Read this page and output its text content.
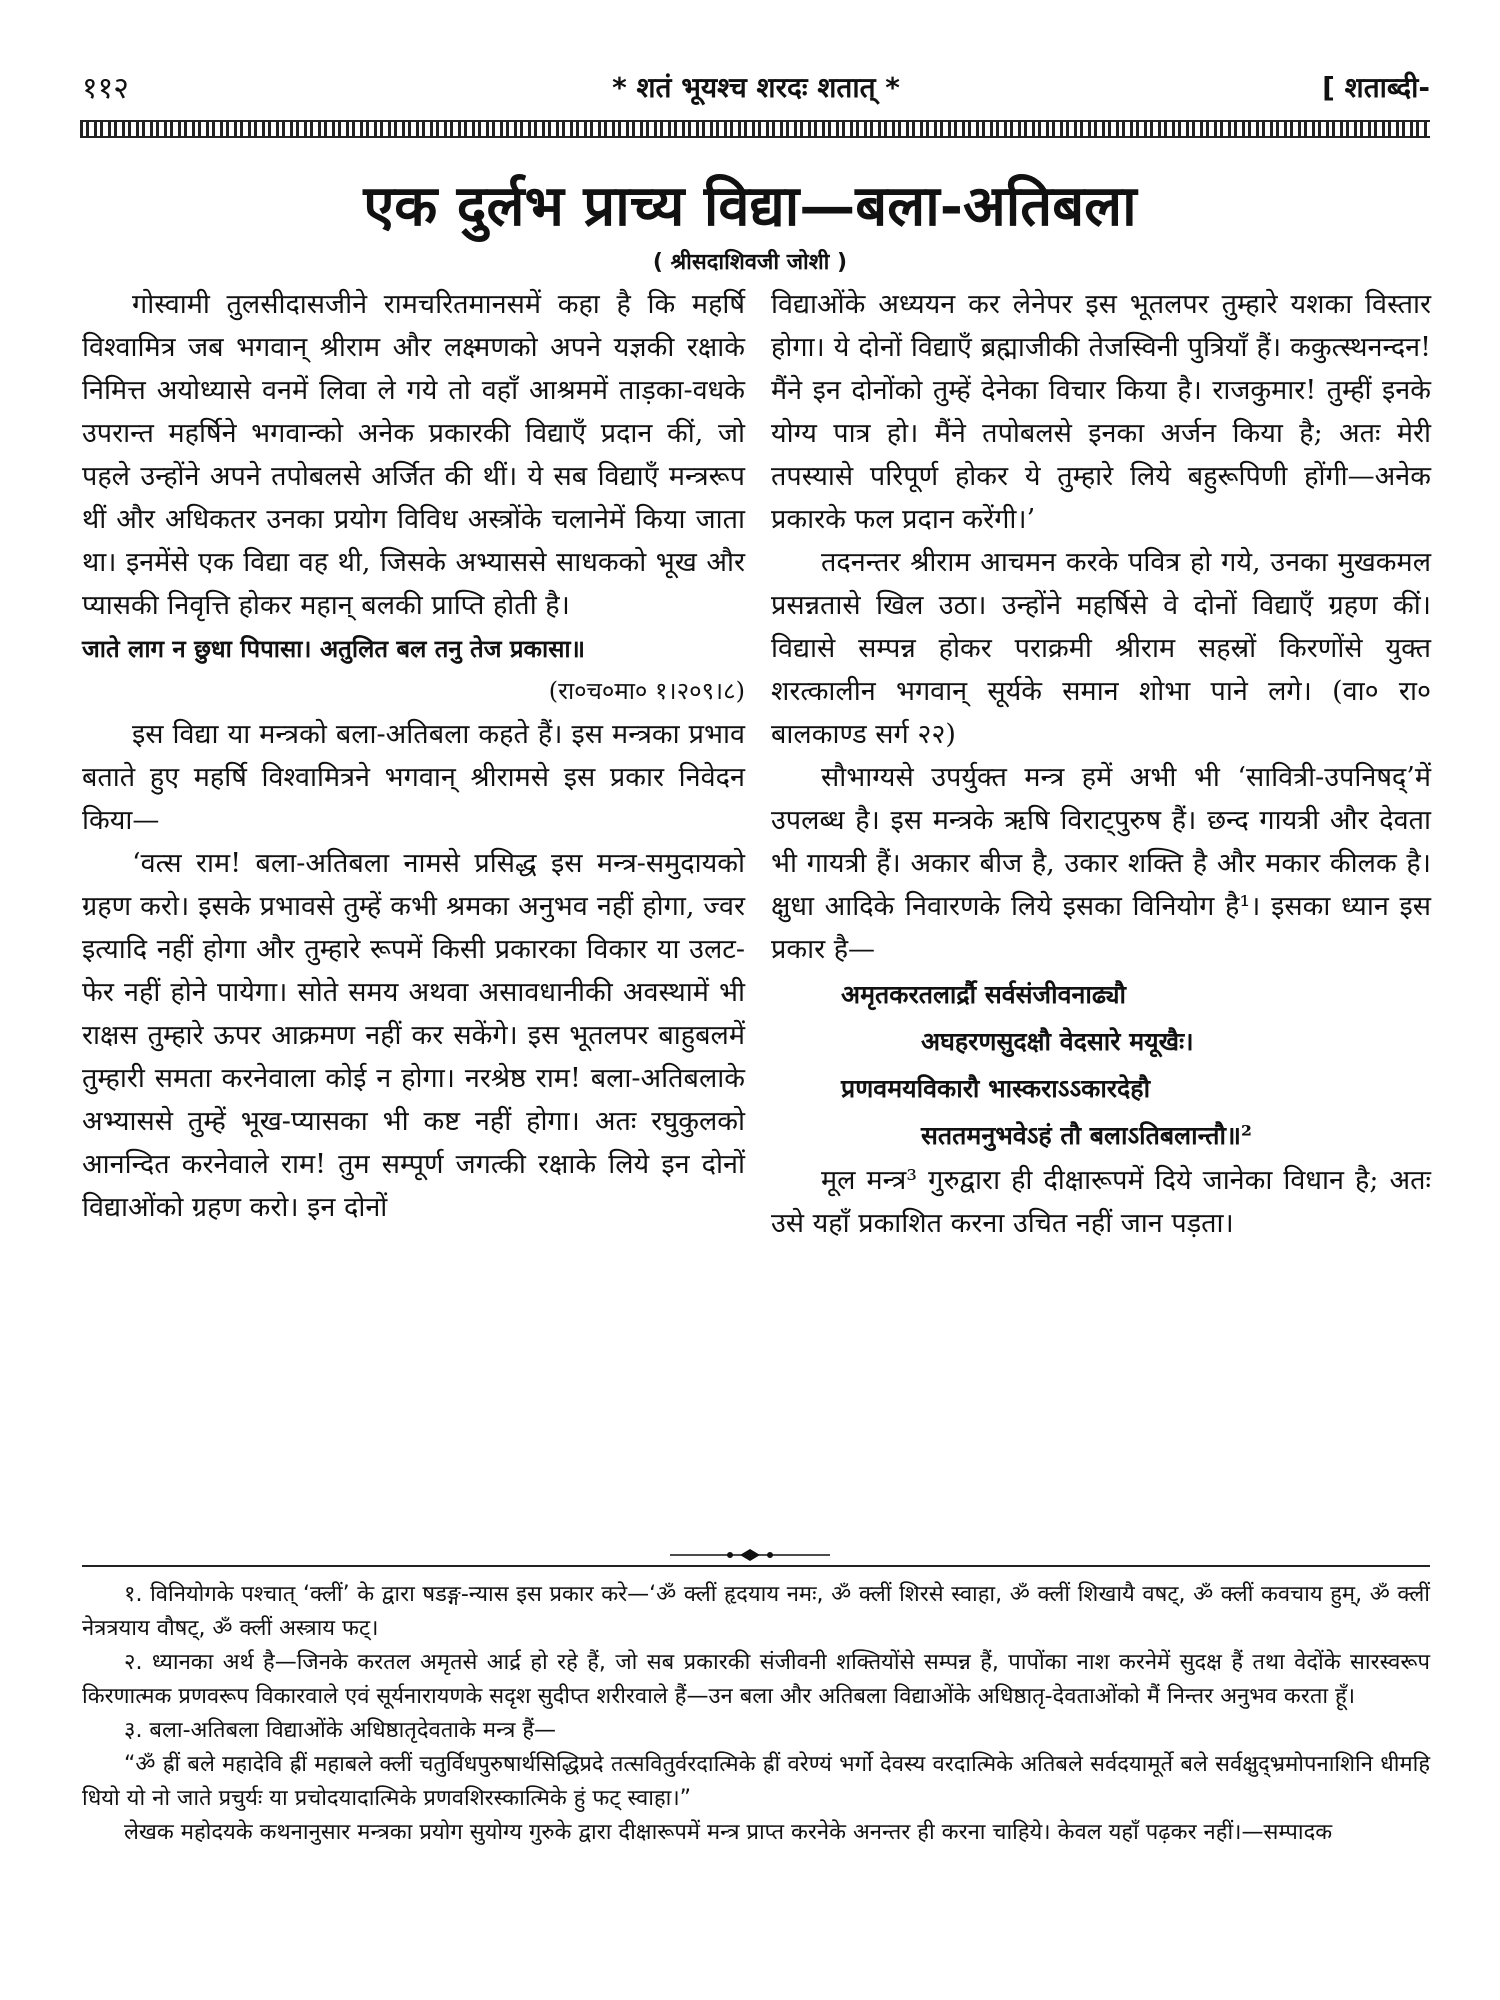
११२	* शतं भूयश्च शरदः शतात् *	[ शताब्दी-
एक दुर्लभ प्राच्य विद्या—बला-अतिबला
( श्रीसदाशिवजी जोशी )

गोस्वामी तुलसीदासजीने रामचरितमानसमें कहा है कि महर्षि विश्वामित्र जब भगवान् श्रीराम और लक्ष्मणको अपने यज्ञकी रक्षाके निमित्त अयोध्यासे वनमें लिवा ले गये तो वहाँ आश्रममें ताड़का-वधके उपरान्त महर्षिने भगवान्को अनेक प्रकारकी विद्याएँ प्रदान कीं, जो पहले उन्होंने अपने तपोबलसे अर्जित की थीं। ये सब विद्याएँ मन्त्ररूप थीं और अधिकतर उनका प्रयोग विविध अस्त्रोंके चलानेमें किया जाता था। इनमेंसे एक विद्या वह थी, जिसके अभ्याससे साधकको भूख और प्यासकी निवृत्ति होकर महान् बलकी प्राप्ति होती है।

जाते लाग न छुधा पिपासा। अतुलित बल तनु तेज प्रकासा॥

(रा०च०मा० १।२०९।८)

इस विद्या या मन्त्रको बला-अतिबला कहते हैं। इस मन्त्रका प्रभाव बताते हुए महर्षि विश्वामित्रने भगवान् श्रीरामसे इस प्रकार निवेदन किया—

‘वत्स राम! बला-अतिबला नामसे प्रसिद्ध इस मन्त्र-समुदायको ग्रहण करो। इसके प्रभावसे तुम्हें कभी श्रमका अनुभव नहीं होगा, ज्वर इत्यादि नहीं होगा और तुम्हारे रूपमें किसी प्रकारका विकार या उलट-फेर नहीं होने पायेगा। सोते समय अथवा असावधानीकी अवस्थामें भी राक्षस तुम्हारे ऊपर आक्रमण नहीं कर सकेंगे। इस भूतलपर बाहुबलमें तुम्हारी समता करनेवाला कोई न होगा। नरश्रेष्ठ राम! बला-अतिबलाके अभ्याससे तुम्हें भूख-प्यासका भी कष्ट नहीं होगा। अतः रघुकुलको आनन्दित करनेवाले राम! तुम सम्पूर्ण जगत्की रक्षाके लिये इन दोनों विद्याओंको ग्रहण करो। इन दोनों

विद्याओंके अध्ययन कर लेनेपर इस भूतलपर तुम्हारे यशका विस्तार होगा। ये दोनों विद्याएँ ब्रह्माजीकी तेजस्विनी पुत्रियाँ हैं। ककुत्स्थनन्दन! मैंने इन दोनोंको तुम्हें देनेका विचार किया है। राजकुमार! तुम्हीं इनके योग्य पात्र हो। मैंने तपोबलसे इनका अर्जन किया है; अतः मेरी तपस्यासे परिपूर्ण होकर ये तुम्हारे लिये बहुरूपिणी होंगी—अनेक प्रकारके फल प्रदान करेंगी।’

तदनन्तर श्रीराम आचमन करके पवित्र हो गये, उनका मुखकमल प्रसन्नतासे खिल उठा। उन्होंने महर्षिसे वे दोनों विद्याएँ ग्रहण कीं। विद्यासे सम्पन्न होकर पराक्रमी श्रीराम सहस्रों किरणोंसे युक्त शरत्कालीन भगवान् सूर्यके समान शोभा पाने लगे। (वा० रा० बालकाण्ड सर्ग २२)

सौभाग्यसे उपर्युक्त मन्त्र हमें अभी भी ‘सावित्री-उपनिषद्’में उपलब्ध है। इस मन्त्रके ऋषि विराट्पुरुष हैं। छन्द गायत्री और देवता भी गायत्री हैं। अकार बीज है, उकार शक्ति है और मकार कीलक है। क्षुधा आदिके निवारणके लिये इसका विनियोग है¹। इसका ध्यान इस प्रकार है—

अमृतकरतलार्द्रौ सर्वसंजीवनाढ्यौ
अघहरणसुदक्षौ वेदसारे मयूखैः।
प्रणवमयविकारौ भास्कराऽऽकारदेहौ
सततमनुभवेऽहं तौ बलाऽतिबलान्तौ॥²

मूल मन्त्र³ गुरुद्वारा ही दीक्षारूपमें दिये जानेका विधान है; अतः उसे यहाँ प्रकाशित करना उचित नहीं जान पड़ता।

१. विनियोगके पश्चात् ‘क्लीं’ के द्वारा षडङ्ग-न्यास इस प्रकार करे—‘ॐ क्लीं हृदयाय नमः, ॐ क्लीं शिरसे स्वाहा, ॐ क्लीं शिखायै वषट्, ॐ क्लीं कवचाय हुम्, ॐ क्लीं नेत्रत्रयाय वौषट्, ॐ क्लीं अस्त्राय फट्।

२. ध्यानका अर्थ है—जिनके करतल अमृतसे आर्द्र हो रहे हैं, जो सब प्रकारकी संजीवनी शक्तियोंसे सम्पन्न हैं, पापोंका नाश करनेमें सुदक्ष हैं तथा वेदोंके सारस्वरूप किरणात्मक प्रणवरूप विकारवाले एवं सूर्यनारायणके सदृश सुदीप्त शरीरवाले हैं—उन बला और अतिबला विद्याओंके अधिष्ठातृ-देवताओंको मैं निन्तर अनुभव करता हूँ।

३. बला-अतिबला विद्याओंके अधिष्ठातृदेवताके मन्त्र हैं—

“ॐ ह्रीं बले महादेवि ह्रीं महाबले क्लीं चतुर्विधपुरुषार्थसिद्धिप्रदे तत्सवितुर्वरदात्मिके ह्रीं वरेण्यं भर्गो देवस्य वरदात्मिके अतिबले सर्वदयामूर्ते बले सर्वक्षुद्भ्रमोपनाशिनि धीमहि धियो यो नो जाते प्रचुर्यः या प्रचोदयादात्मिके प्रणवशिरस्कात्मिके हुं फट् स्वाहा।”

लेखक महोदयके कथनानुसार मन्त्रका प्रयोग सुयोग्य गुरुके द्वारा दीक्षारूपमें मन्त्र प्राप्त करनेके अनन्तर ही करना चाहिये। केवल यहाँ पढ़कर नहीं।—सम्पादक
